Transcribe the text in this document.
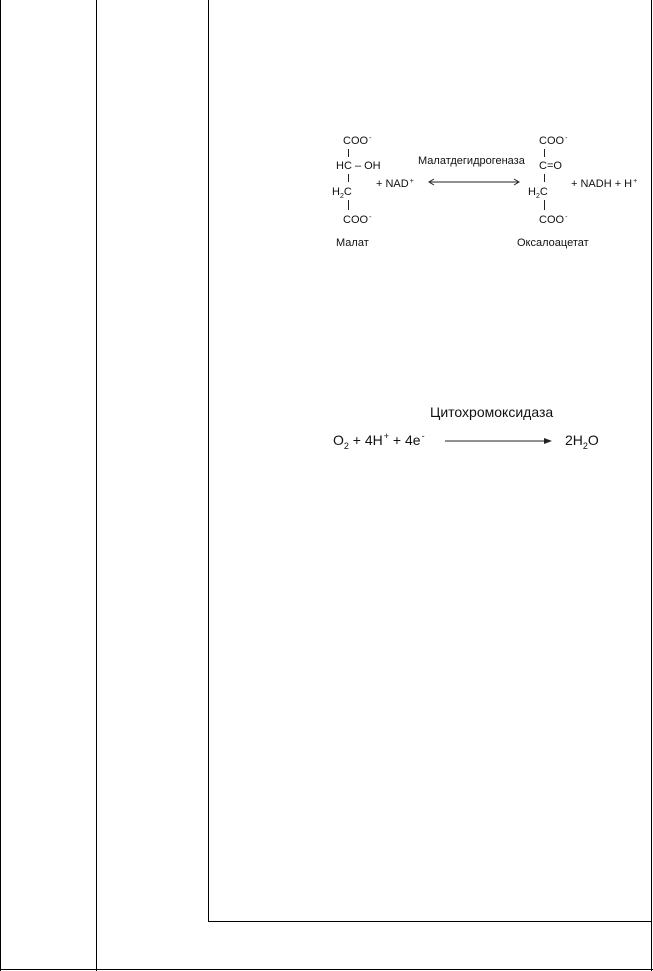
COO-
HC – OH
$H_2C$
COO-
Малат
+ NAD+
Малатдегидрогеназа
COO-
C=O
$H_2C$
COO-
Оксалоацетат
+ NADH + H+
Цитохромоксидаза
$O_2 + 4H^+ + 4e^-$	$2H_2O$
